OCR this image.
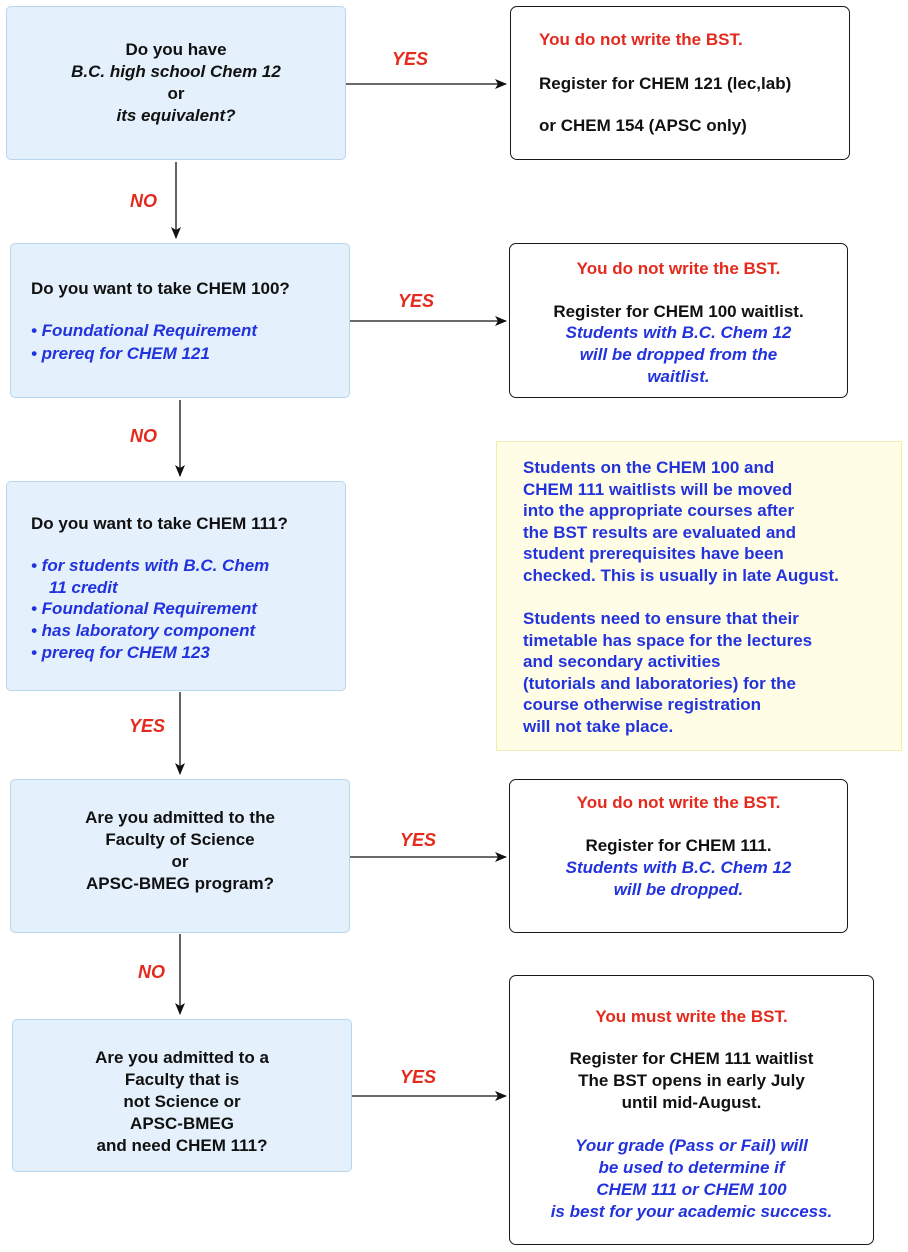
YES
NO
YES
NO
YES
YES
NO
YES
Do you have
B.C. high school Chem 12
or
its equivalent?
You do not write the BST.
Register for CHEM 121 (lec,lab)
or CHEM 154 (APSC only)
Do you want to take CHEM 100?
• Foundational Requirement
• prereq for CHEM 121
You do not write the BST.
Register for CHEM 100 waitlist.
Students with B.C. Chem 12
will be dropped from the
waitlist.
Do you want to take CHEM 111?
• for students with B.C. Chem
11 credit
• Foundational Requirement
• has laboratory component
• prereq for CHEM 123
Students on the CHEM 100 and
CHEM 111 waitlists will be moved
into the appropriate courses after
the BST results are evaluated and
student prerequisites have been
checked. This is usually in late August.
Students need to ensure that their
timetable has space for the lectures
and secondary activities
(tutorials and laboratories) for the
course otherwise registration
will not take place.
Are you admitted to the
Faculty of Science
or
APSC-BMEG program?
You do not write the BST.
Register for CHEM 111.
Students with B.C. Chem 12
will be dropped.
Are you admitted to a
Faculty that is
not Science or
APSC-BMEG
and need CHEM 111?
You must write the BST.
Register for CHEM 111 waitlist
The BST opens in early July
until mid-August.
Your grade (Pass or Fail) will
be used to determine if
CHEM 111 or CHEM 100
is best for your academic success.
